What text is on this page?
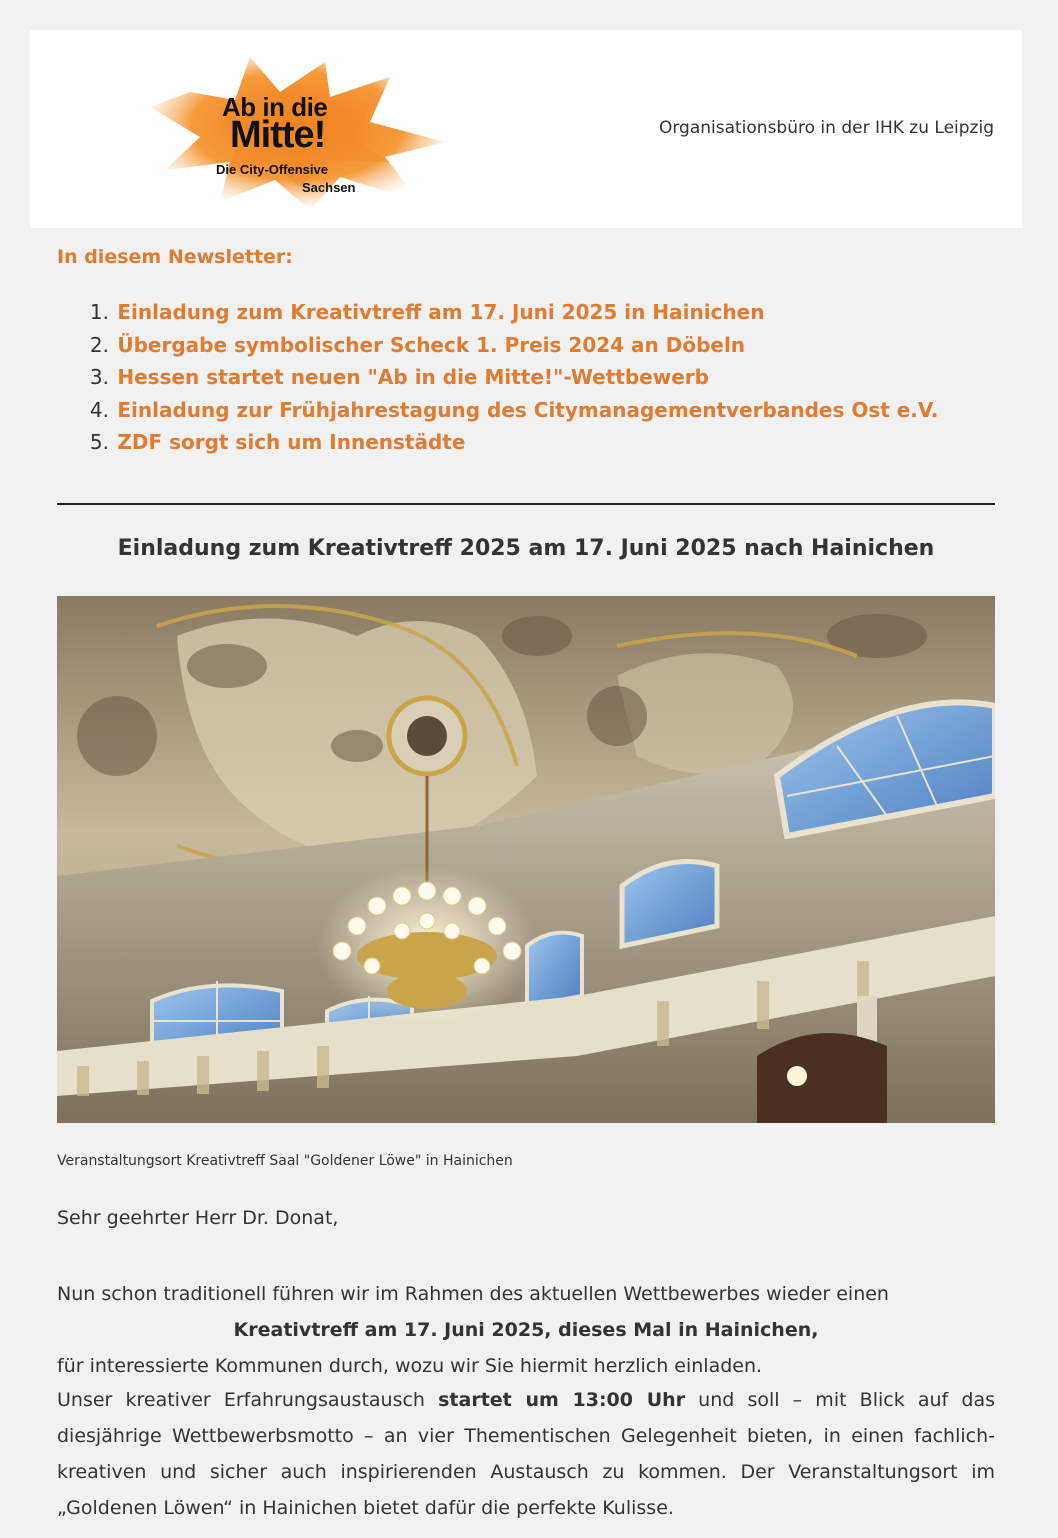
Ab in die
Mitte!
Die City-Offensive
Sachsen
Organisationsbüro in der IHK zu Leipzig
In diesem Newsletter:
1. Einladung zum Kreativtreff am 17. Juni 2025 in Hainichen
2. Übergabe symbolischer Scheck 1. Preis 2024 an Döbeln
3. Hessen startet neuen "Ab in die Mitte!"-Wettbewerb
4. Einladung zur Frühjahrestagung des Citymanagementverbandes Ost e.V.
5. ZDF sorgt sich um Innenstädte
Einladung zum Kreativtreff 2025 am 17. Juni 2025 nach Hainichen
Veranstaltungsort Kreativtreff Saal "Goldener Löwe" in Hainichen
Sehr geehrter Herr Dr. Donat,
Nun schon traditionell führen wir im Rahmen des aktuellen Wettbewerbes wieder einen
Kreativtreff am 17. Juni 2025, dieses Mal in Hainichen,
für interessierte Kommunen durch, wozu wir Sie hiermit herzlich einladen.
Unser kreativer Erfahrungsaustausch startet um 13:00 Uhr und soll – mit Blick auf das diesjährige Wettbewerbsmotto – an vier Thementischen Gelegenheit bieten, in einen fachlich-kreativen und sicher auch inspirierenden Austausch zu kommen. Der Veranstaltungsort im „Goldenen Löwen“ in Hainichen bietet dafür die perfekte Kulisse.
